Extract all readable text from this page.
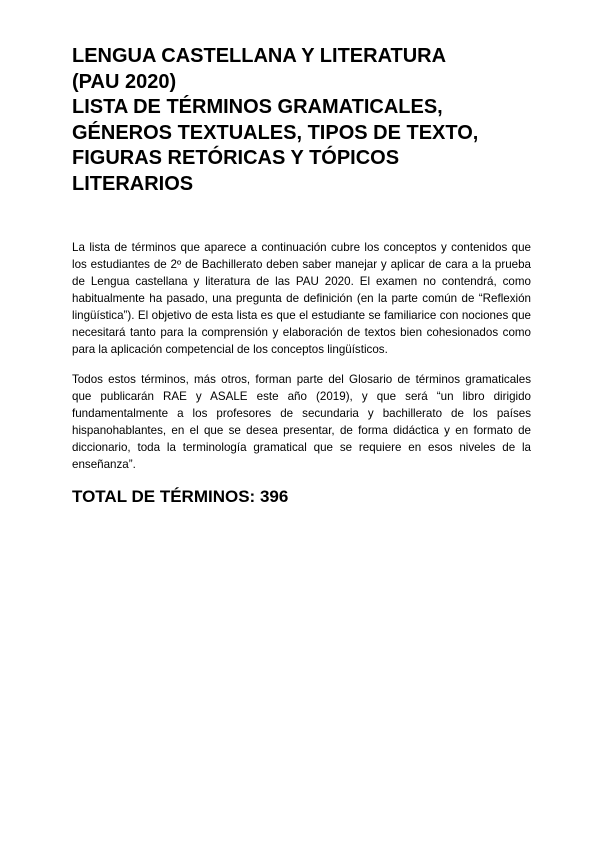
LENGUA CASTELLANA Y LITERATURA
(PAU 2020)
LISTA DE TÉRMINOS GRAMATICALES,
GÉNEROS TEXTUALES, TIPOS DE TEXTO,
FIGURAS RETÓRICAS Y TÓPICOS
LITERARIOS

La lista de términos que aparece a continuación cubre los conceptos y contenidos que los estudiantes de 2º de Bachillerato deben saber manejar y aplicar de cara a la prueba de Lengua castellana y literatura de las PAU 2020. El examen no contendrá, como habitualmente ha pasado, una pregunta de definición (en la parte común de “Reflexión lingüística”). El objetivo de esta lista es que el estudiante se familiarice con nociones que necesitará tanto para la comprensión y elaboración de textos bien cohesionados como para la aplicación competencial de los conceptos lingüísticos.

Todos estos términos, más otros, forman parte del Glosario de términos gramaticales que publicarán RAE y ASALE este año (2019), y que será “un libro dirigido fundamentalmente a los profesores de secundaria y bachillerato de los países hispanohablantes, en el que se desea presentar, de forma didáctica y en formato de diccionario, toda la terminología gramatical que se requiere en esos niveles de la enseñanza”.

TOTAL DE TÉRMINOS: 396
